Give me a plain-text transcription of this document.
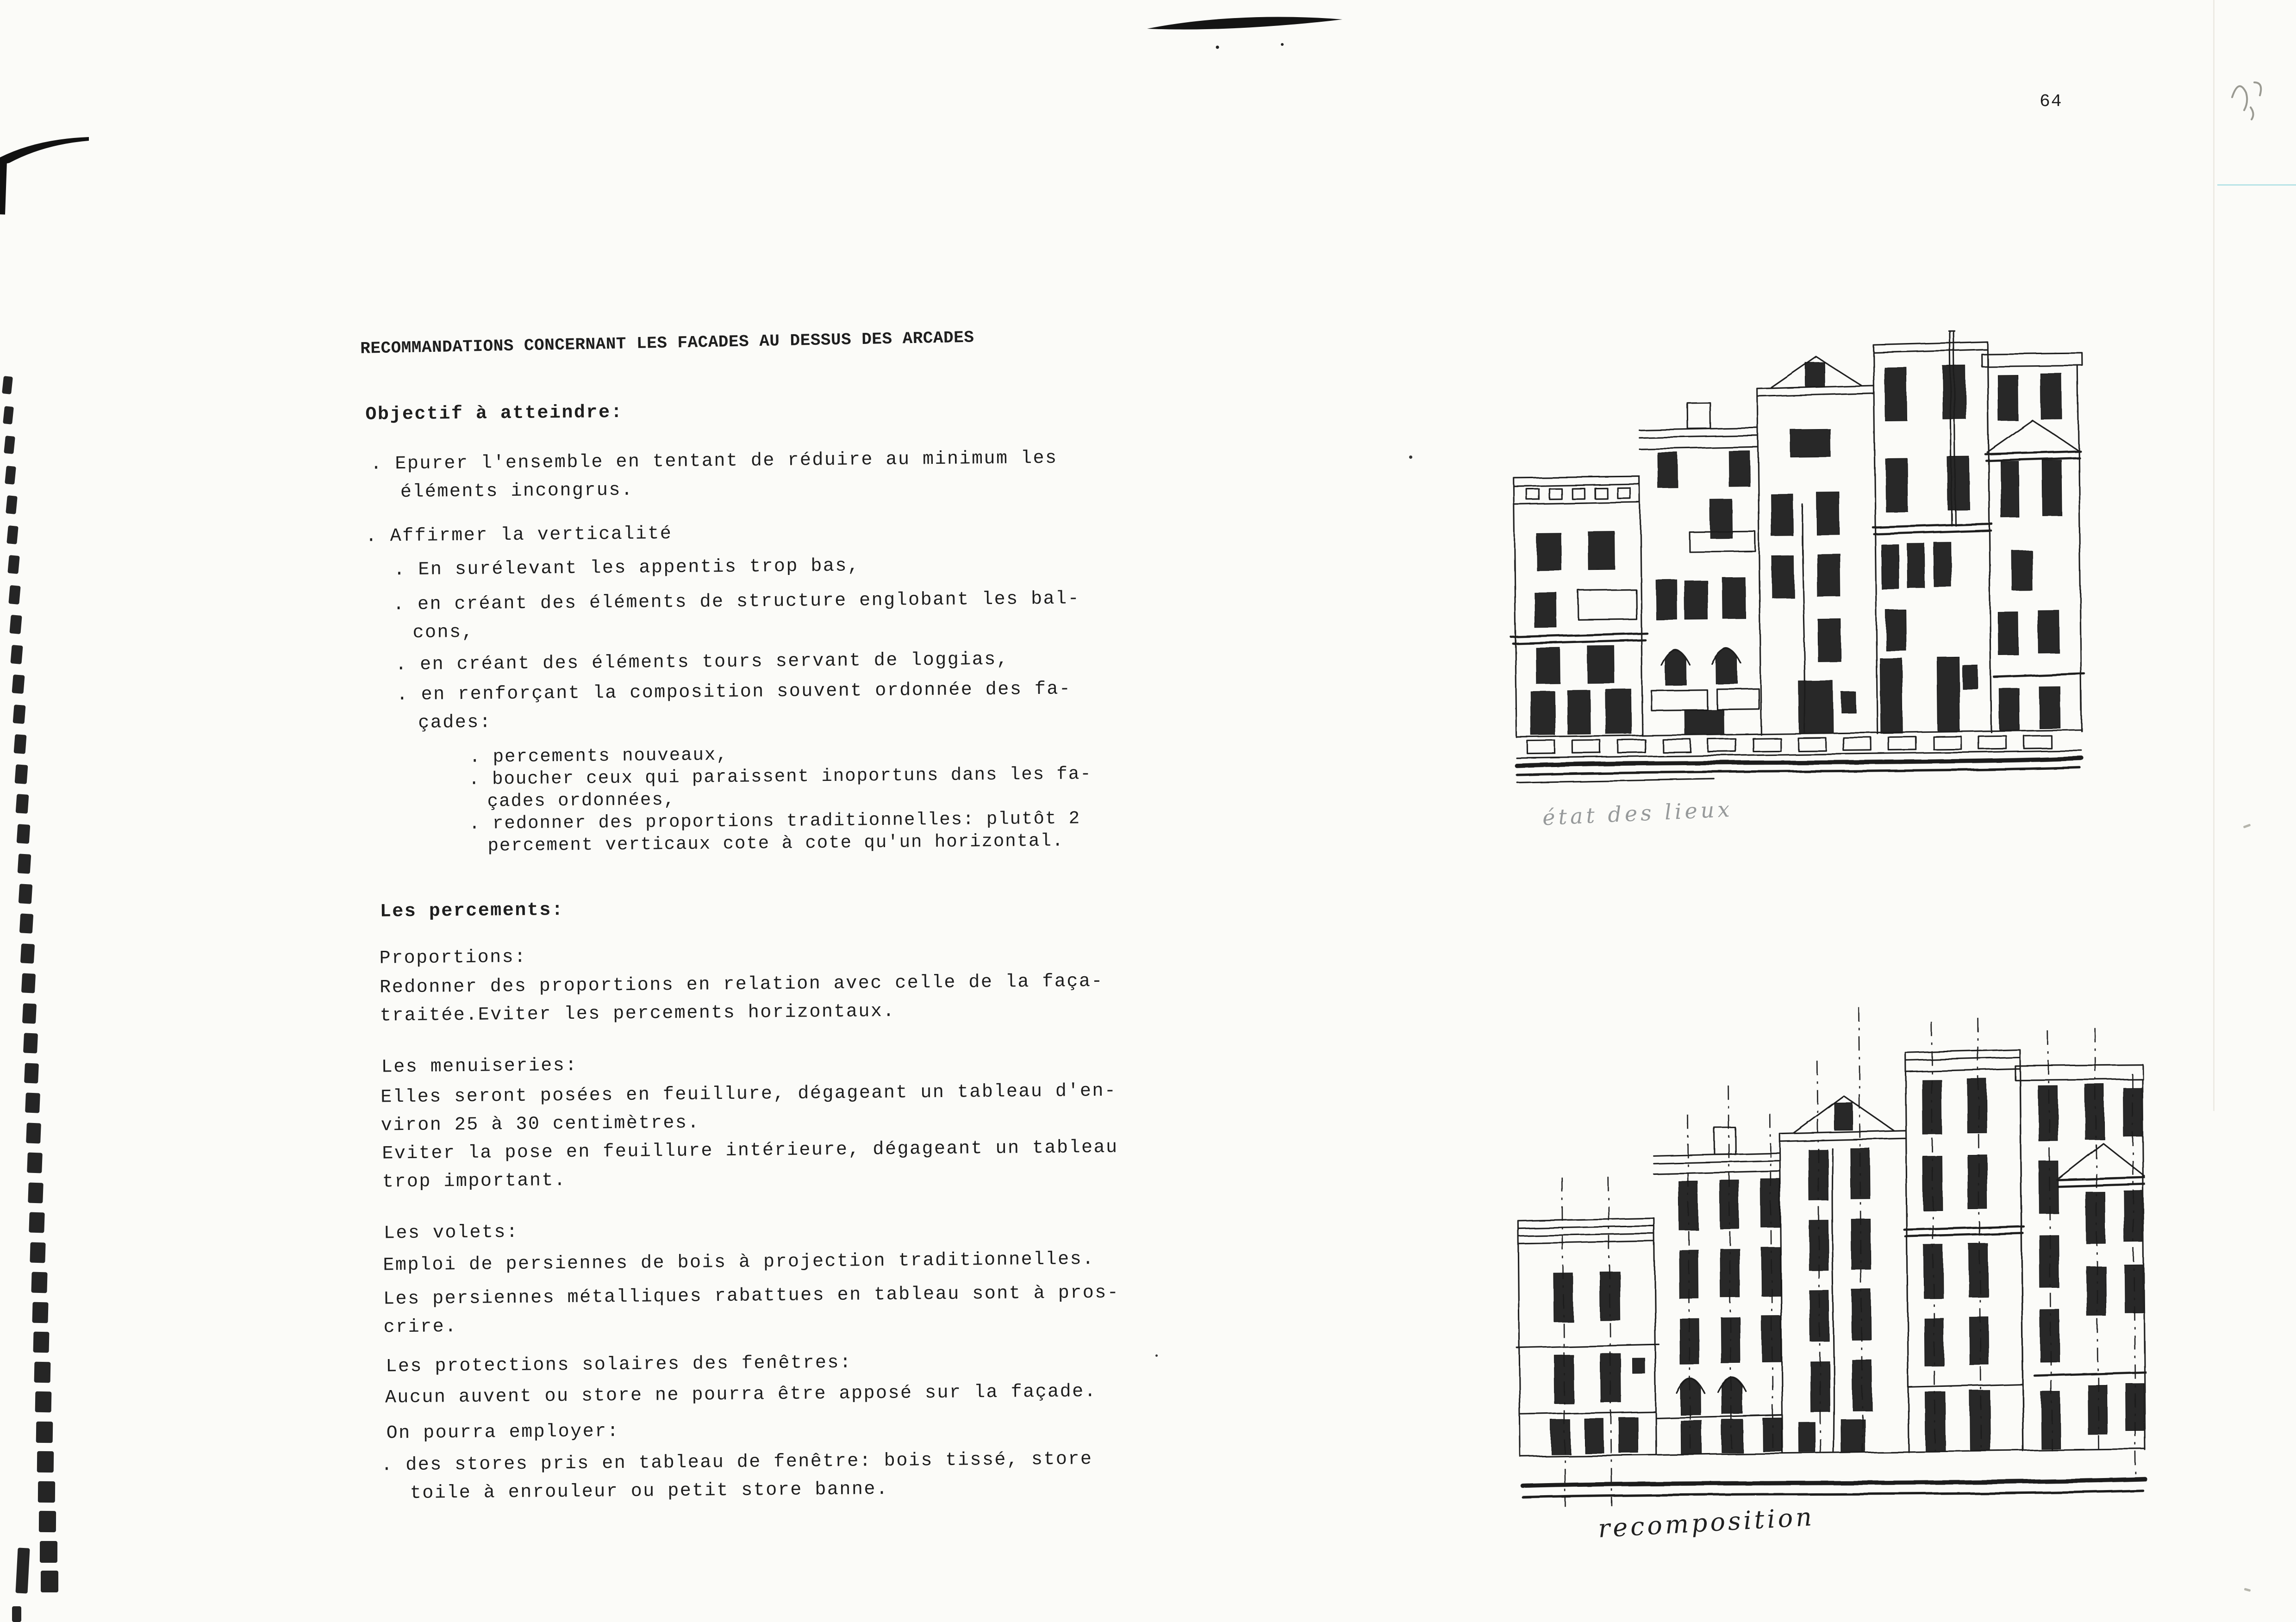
64
RECOMMANDATIONS CONCERNANT LES FACADES AU DESSUS DES ARCADES
Objectif à atteindre:
. Epurer l'ensemble en tentant de réduire au minimum les
éléments incongrus.
. Affirmer la verticalité
. En surélevant les appentis trop bas,
. en créant des éléments de structure englobant les bal-
cons,
. en créant des éléments tours servant de loggias,
. en renforçant la composition souvent ordonnée des fa-
çades:
. percements nouveaux,
. boucher ceux qui paraissent inoportuns dans les fa-
çades ordonnées,
. redonner des proportions traditionnelles: plutôt 2
percement verticaux cote à cote qu'un horizontal.
Les percements:
Proportions:
Redonner des proportions en relation avec celle de la faça-
traitée.Eviter les percements horizontaux.
Les menuiseries:
Elles seront posées en feuillure, dégageant un tableau d'en-
viron 25 à 30 centimètres.
Eviter la pose en feuillure intérieure, dégageant un tableau
trop important.
Les volets:
Emploi de persiennes de bois à projection traditionnelles.
Les persiennes métalliques rabattues en tableau sont à pros-
crire.
Les protections solaires des fenêtres:
Aucun auvent ou store ne pourra être apposé sur la façade.
On pourra employer:
. des stores pris en tableau de fenêtre: bois tissé, store
toile à enrouleur ou petit store banne.
état des lieux
recomposition
